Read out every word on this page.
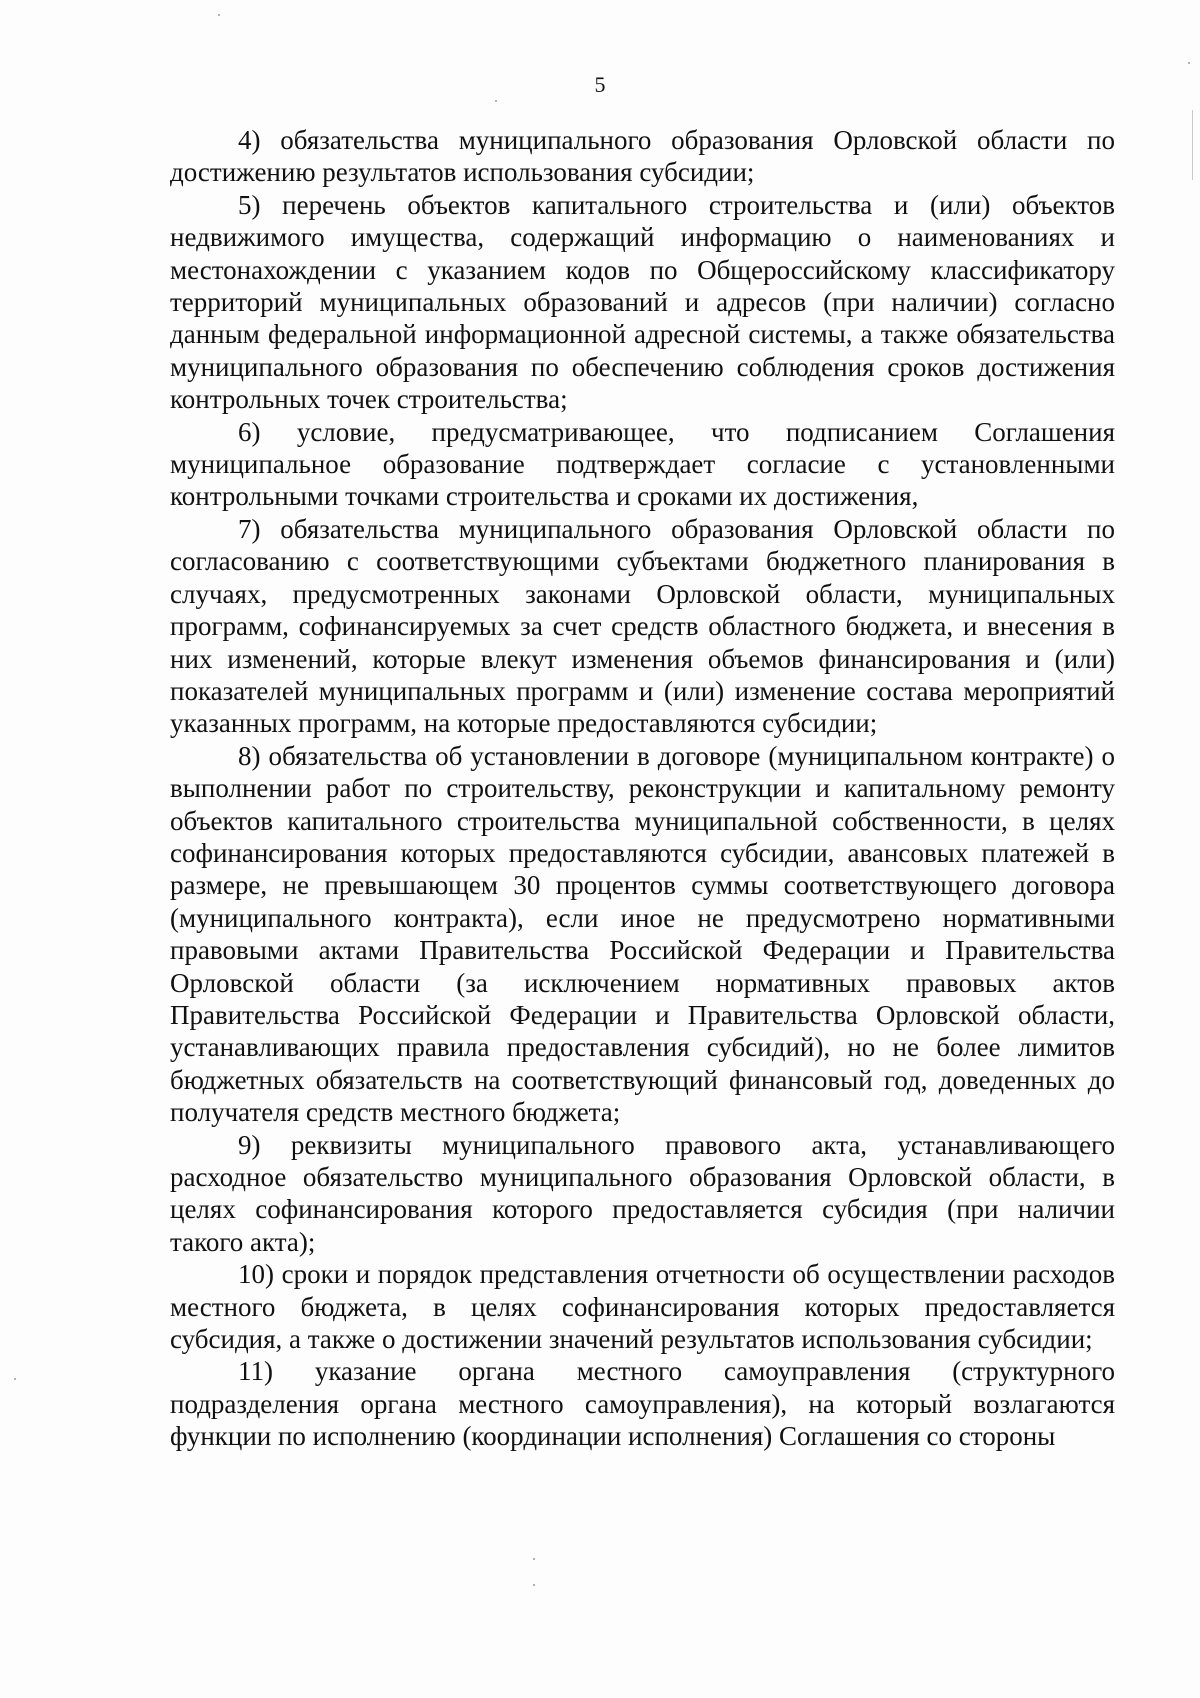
5

4) обязательства муниципального образования Орловской области по достижению результатов использования субсидии;

5) перечень объектов капитального строительства и (или) объектов недвижимого имущества, содержащий информацию о наименованиях и местонахождении с указанием кодов по Общероссийскому классификатору территорий муниципальных образований и адресов (при наличии) согласно данным федеральной информационной адресной системы, а также обязательства муниципального образования по обеспечению соблюдения сроков достижения контрольных точек строительства;

6) условие, предусматривающее, что подписанием Соглашения муниципальное образование подтверждает согласие с установленными контрольными точками строительства и сроками их достижения,

7) обязательства муниципального образования Орловской области по согласованию с соответствующими субъектами бюджетного планирования в случаях, предусмотренных законами Орловской области, муниципальных программ, софинансируемых за счет средств областного бюджета, и внесения в них изменений, которые влекут изменения объемов финансирования и (или) показателей муниципальных программ и (или) изменение состава мероприятий указанных программ, на которые предоставляются субсидии;

8) обязательства об установлении в договоре (муниципальном контракте) о выполнении работ по строительству, реконструкции и капитальному ремонту объектов капитального строительства муниципальной собственности, в целях софинансирования которых предоставляются субсидии, авансовых платежей в размере, не превышающем 30 процентов суммы соответствующего договора (муниципального контракта), если иное не предусмотрено нормативными правовыми актами Правительства Российской Федерации и Правительства Орловской области (за исключением нормативных правовых актов Правительства Российской Федерации и Правительства Орловской области, устанавливающих правила предоставления субсидий), но не более лимитов бюджетных обязательств на соответствующий финансовый год, доведенных до получателя средств местного бюджета;

9) реквизиты муниципального правового акта, устанавливающего расходное обязательство муниципального образования Орловской области, в целях софинансирования которого предоставляется субсидия (при наличии такого акта);

10) сроки и порядок представления отчетности об осуществлении расходов местного бюджета, в целях софинансирования которых предоставляется субсидия, а также о достижении значений результатов использования субсидии;

11) указание органа местного самоуправления (структурного подразделения органа местного самоуправления), на который возлагаются функции по исполнению (координации исполнения) Соглашения со стороны
